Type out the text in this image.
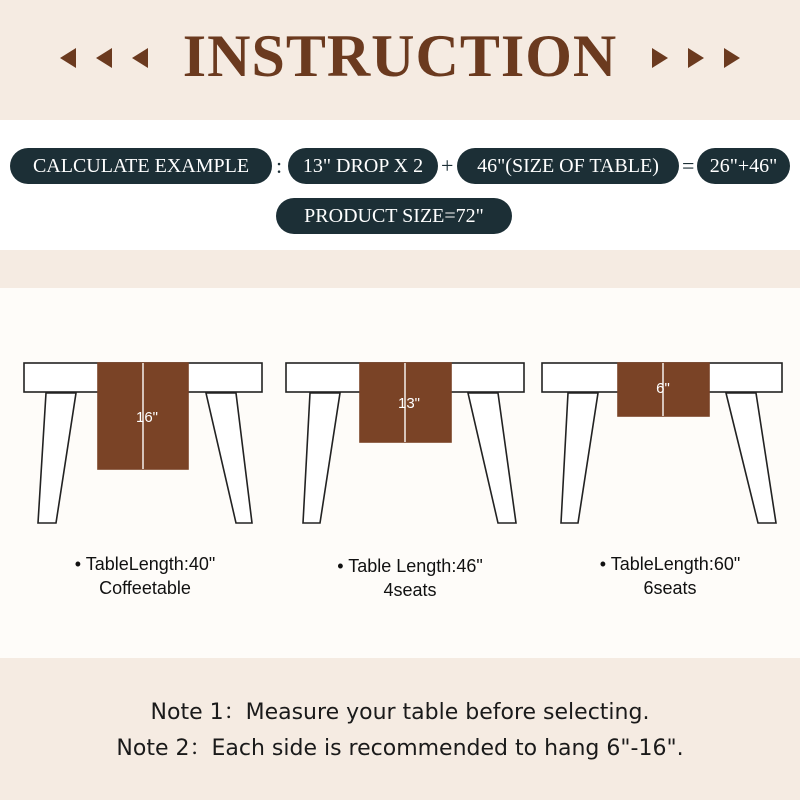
INSTRUCTION
CALCULATE EXAMPLE	:	13" DROP X 2 +	46"(SIZE OF TABLE)	= 26"+46"
PRODUCT SIZE=72"
16"
13"
6"
• TableLength:40"
Coffeetable
• Table Length:46"
4seats
• TableLength:60"
6seats
Note 1：Measure your table before selecting.
Note 2：Each side is recommended to hang 6"-16".
